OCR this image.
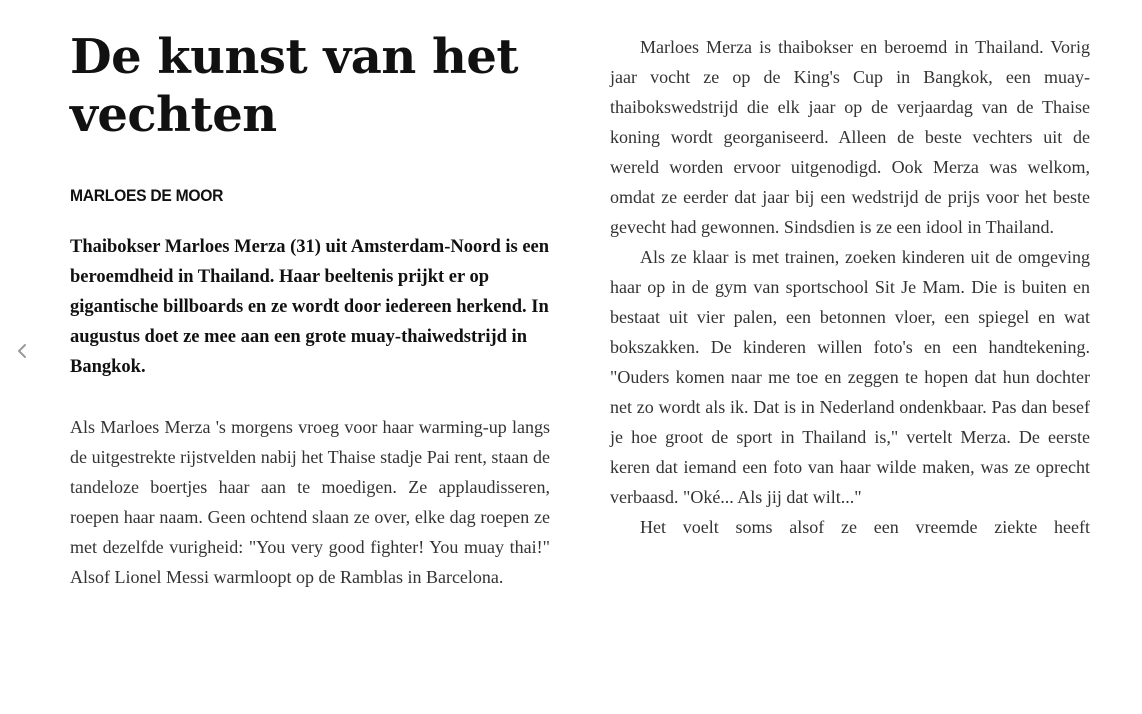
De kunst van het vechten
MARLOES DE MOOR

Thaibokser Marloes Merza (31) uit Amsterdam-Noord is een beroemdheid in Thailand. Haar beeltenis prijkt er op gigantische billboards en ze wordt door iedereen herkend. In augustus doet ze mee aan een grote muay-thaiwedstrijd in Bangkok.

Als Marloes Merza 's morgens vroeg voor haar warming-up langs de uitgestrekte rijstvelden nabij het Thaise stadje Pai rent, staan de tandeloze boertjes haar aan te moedigen. Ze applaudisseren, roepen haar naam. Geen ochtend slaan ze over, elke dag roepen ze met dezelfde vurigheid: "You very good fighter! You muay thai!" Alsof Lionel Messi warmloopt op de Ramblas in Barcelona.

Marloes Merza is thaibokser en beroemd in Thailand. Vorig jaar vocht ze op de King's Cup in Bangkok, een muay-thaibokswedstrijd die elk jaar op de verjaardag van de Thaise koning wordt georganiseerd. Alleen de beste vechters uit de wereld worden ervoor uitgenodigd. Ook Merza was welkom, omdat ze eerder dat jaar bij een wedstrijd de prijs voor het beste gevecht had gewonnen. Sindsdien is ze een idool in Thailand.

Als ze klaar is met trainen, zoeken kinderen uit de omgeving haar op in de gym van sportschool Sit Je Mam. Die is buiten en bestaat uit vier palen, een betonnen vloer, een spiegel en wat bokszakken. De kinderen willen foto's en een handtekening. "Ouders komen naar me toe en zeggen te hopen dat hun dochter net zo wordt als ik. Dat is in Nederland ondenkbaar. Pas dan besef je hoe groot de sport in Thailand is," vertelt Merza. De eerste keren dat iemand een foto van haar wilde maken, was ze oprecht verbaasd. "Oké... Als jij dat wilt..."

Het voelt soms alsof ze een vreemde ziekte heeft
